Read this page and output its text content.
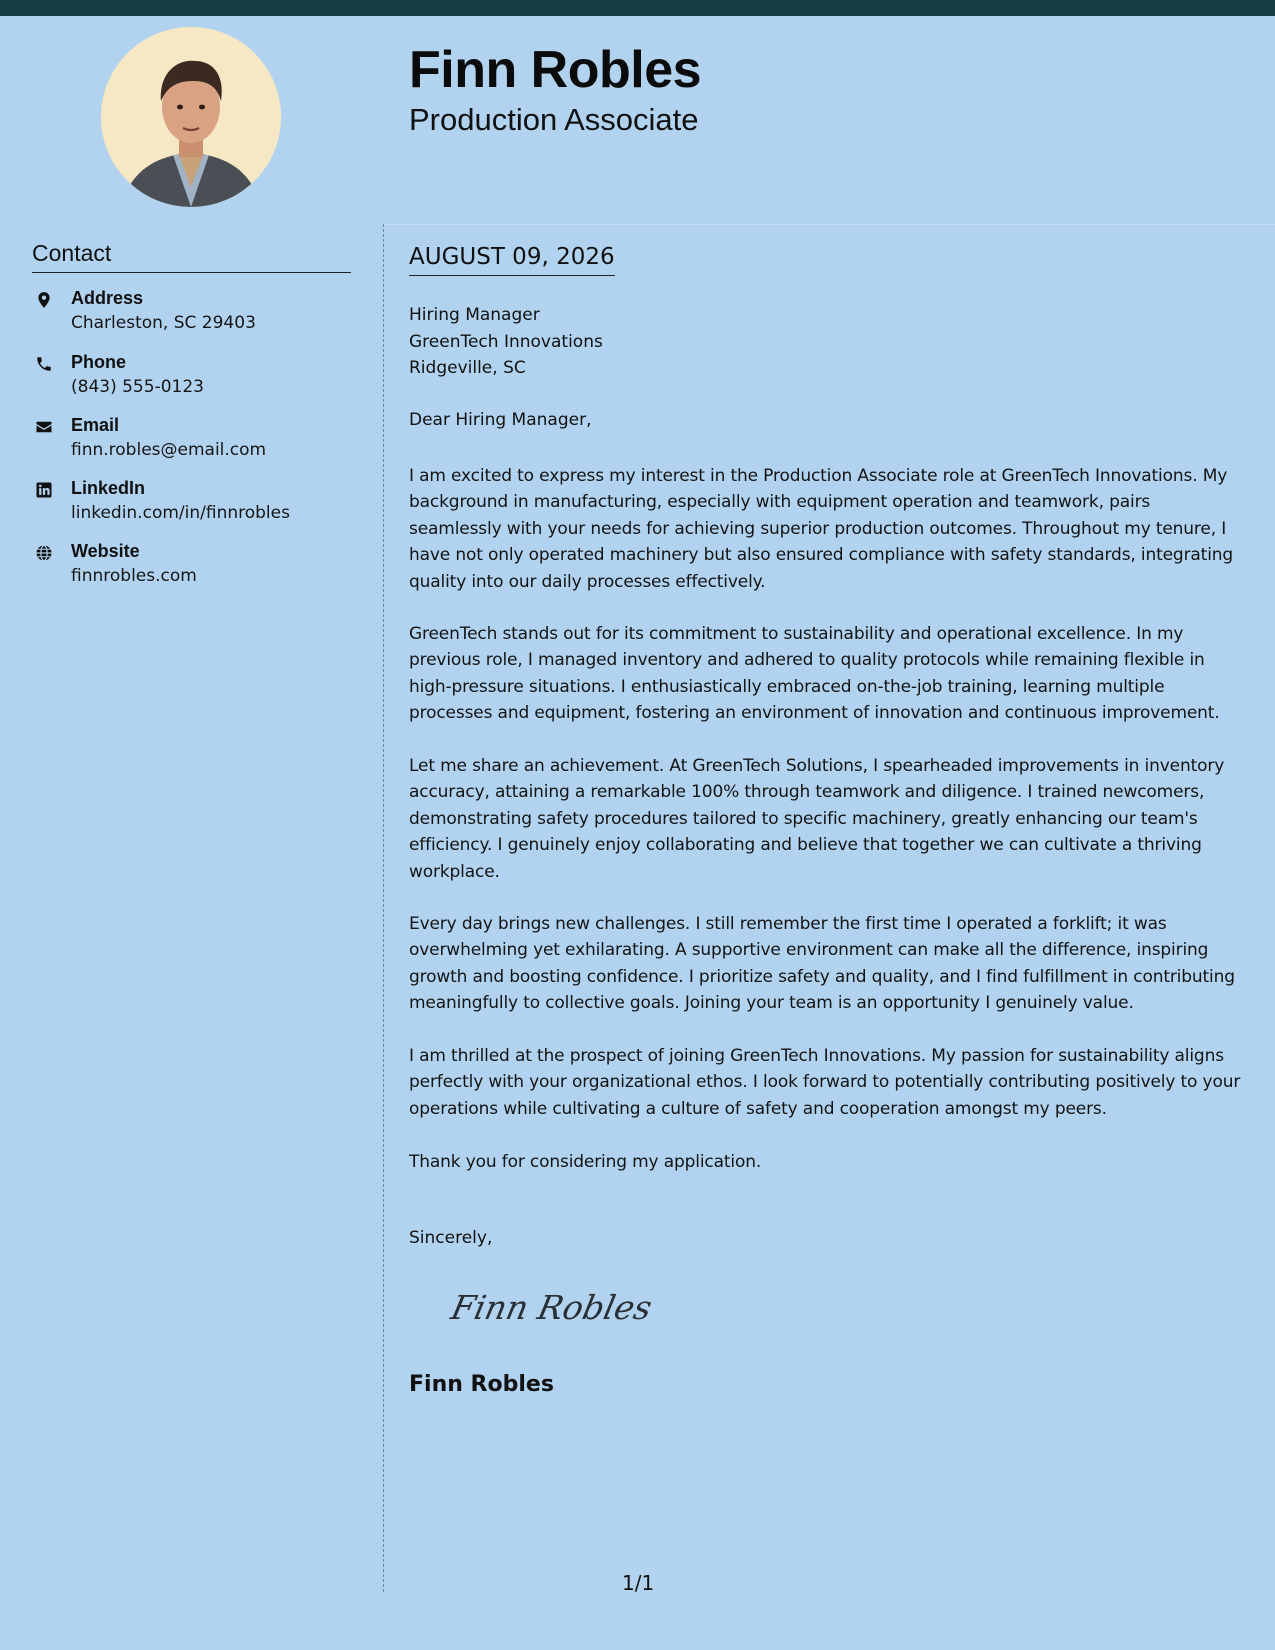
Finn Robles
Production Associate
Contact
Address
Charleston, SC 29403
Phone
(843) 555-0123
Email
finn.robles@email.com
LinkedIn
linkedin.com/in/finnrobles
Website
finnrobles.com
AUGUST 09, 2026
Hiring Manager
GreenTech Innovations
Ridgeville, SC
Dear Hiring Manager,
I am excited to express my interest in the Production Associate role at GreenTech Innovations. My background in manufacturing, especially with equipment operation and teamwork, pairs seamlessly with your needs for achieving superior production outcomes. Throughout my tenure, I have not only operated machinery but also ensured compliance with safety standards, integrating quality into our daily processes effectively.
GreenTech stands out for its commitment to sustainability and operational excellence. In my previous role, I managed inventory and adhered to quality protocols while remaining flexible in high-pressure situations. I enthusiastically embraced on-the-job training, learning multiple processes and equipment, fostering an environment of innovation and continuous improvement.
Let me share an achievement. At GreenTech Solutions, I spearheaded improvements in inventory accuracy, attaining a remarkable 100% through teamwork and diligence. I trained newcomers, demonstrating safety procedures tailored to specific machinery, greatly enhancing our team's efficiency. I genuinely enjoy collaborating and believe that together we can cultivate a thriving workplace.
Every day brings new challenges. I still remember the first time I operated a forklift; it was overwhelming yet exhilarating. A supportive environment can make all the difference, inspiring growth and boosting confidence. I prioritize safety and quality, and I find fulfillment in contributing meaningfully to collective goals. Joining your team is an opportunity I genuinely value.
I am thrilled at the prospect of joining GreenTech Innovations. My passion for sustainability aligns perfectly with your organizational ethos. I look forward to potentially contributing positively to your operations while cultivating a culture of safety and cooperation amongst my peers.
Thank you for considering my application.
Sincerely,
Finn Robles
Finn Robles
1/1
